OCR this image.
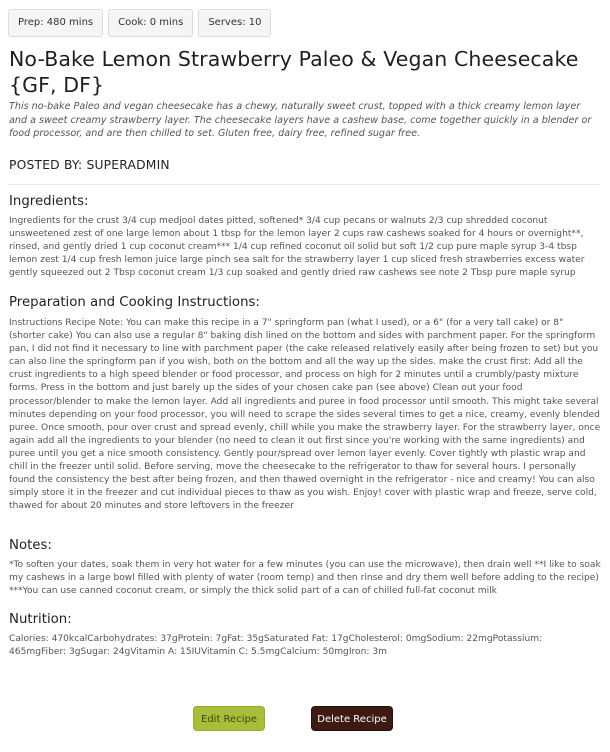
Prep: 480 mins	Cook: 0 mins	Serves: 10
No-Bake Lemon Strawberry Paleo & Vegan Cheesecake {GF, DF}

This no-bake Paleo and vegan cheesecake has a chewy, naturally sweet crust, topped with a thick creamy lemon layer and a sweet creamy strawberry layer. The cheesecake layers have a cashew base, come together quickly in a blender or food processor, and are then chilled to set. Gluten free, dairy free, refined sugar free.

POSTED BY: SUPERADMIN

Ingredients:

Ingredients for the crust 3/4 cup medjool dates pitted, softened* 3/4 cup pecans or walnuts 2/3 cup shredded coconut unsweetened zest of one large lemon about 1 tbsp for the lemon layer 2 cups raw cashews soaked for 4 hours or overnight**, rinsed, and gently dried 1 cup coconut cream*** 1/4 cup refined coconut oil solid but soft 1/2 cup pure maple syrup 3-4 tbsp lemon zest 1/4 cup fresh lemon juice large pinch sea salt for the strawberry layer 1 cup sliced fresh strawberries excess water gently squeezed out 2 Tbsp coconut cream 1/3 cup soaked and gently dried raw cashews see note 2 Tbsp pure maple syrup

Preparation and Cooking Instructions:

Instructions Recipe Note: You can make this recipe in a 7" springform pan (what I used), or a 6" (for a very tall cake) or 8" (shorter cake) You can also use a regular 8" baking dish lined on the bottom and sides with parchment paper. For the springform pan, I did not find it necessary to line with parchment paper (the cake released relatively easily after being frozen to set) but you can also line the springform pan if you wish, both on the bottom and all the way up the sides. make the crust first: Add all the crust ingredients to a high speed blender or food processor, and process on high for 2 minutes until a crumbly/pasty mixture forms. Press in the bottom and just barely up the sides of your chosen cake pan (see above) Clean out your food processor/blender to make the lemon layer. Add all ingredients and puree in food processor until smooth. This might take several minutes depending on your food processor, you will need to scrape the sides several times to get a nice, creamy, evenly blended puree. Once smooth, pour over crust and spread evenly, chill while you make the strawberry layer. For the strawberry layer, once again add all the ingredients to your blender (no need to clean it out first since you're working with the same ingredients) and puree until you get a nice smooth consistency. Gently pour/spread over lemon layer evenly. Cover tightly wth plastic wrap and chill in the freezer until solid. Before serving, move the cheesecake to the refrigerator to thaw for several hours. I personally found the consistency the best after being frozen, and then thawed overnight in the refrigerator - nice and creamy! You can also simply store it in the freezer and cut individual pieces to thaw as you wish. Enjoy! cover with plastic wrap and freeze, serve cold, thawed for about 20 minutes and store leftovers in the freezer

Notes:

*To soften your dates, soak them in very hot water for a few minutes (you can use the microwave), then drain well **I like to soak my cashews in a large bowl filled with plenty of water (room temp) and then rinse and dry them well before adding to the recipe) ***You can use canned coconut cream, or simply the thick solid part of a can of chilled full-fat coconut milk

Nutrition:

Calories: 470kcalCarbohydrates: 37gProtein: 7gFat: 35gSaturated Fat: 17gCholesterol: 0mgSodium: 22mgPotassium: 465mgFiber: 3gSugar: 24gVitamin A: 15IUVitamin C: 5.5mgCalcium: 50mgIron: 3m

Edit Recipe	Delete Recipe
